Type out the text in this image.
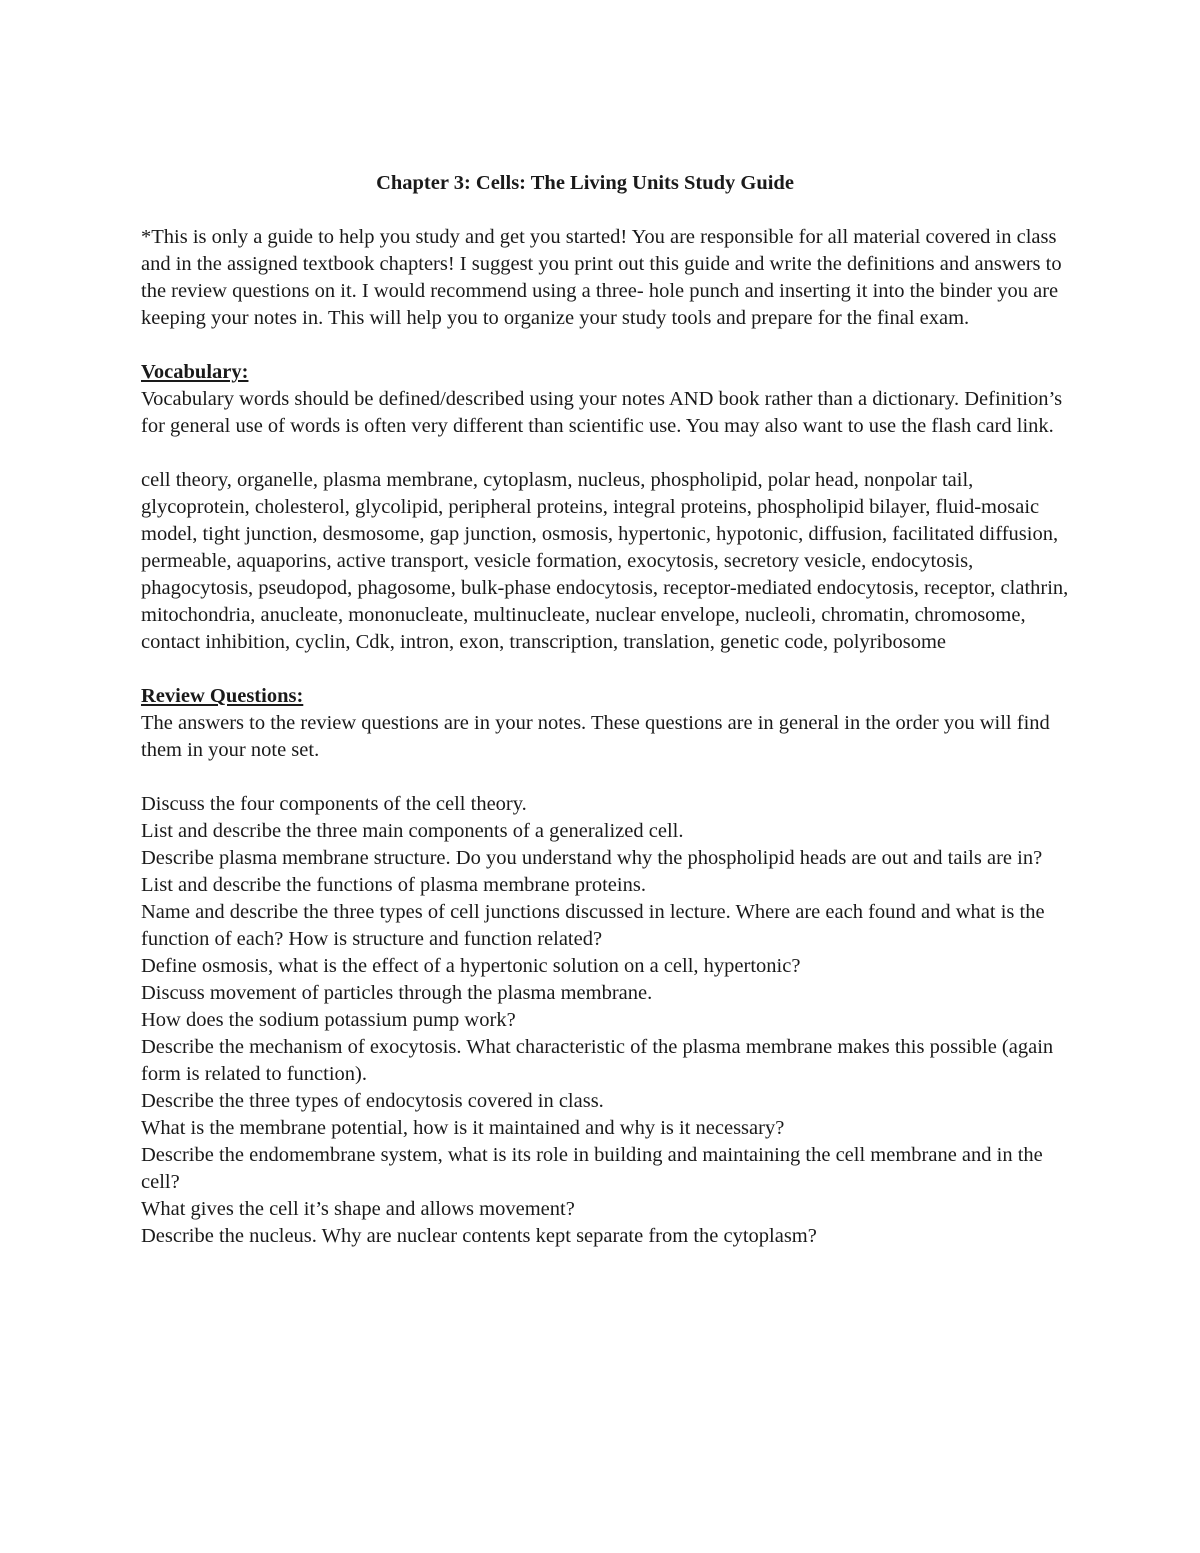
Chapter 3: Cells: The Living Units Study Guide

*This is only a guide to help you study and get you started! You are responsible for all material covered in class and in the assigned textbook chapters! I suggest you print out this guide and write the definitions and answers to the review questions on it. I would recommend using a three- hole punch and inserting it into the binder you are keeping your notes in. This will help you to organize your study tools and prepare for the final exam.

Vocabulary:

Vocabulary words should be defined/described using your notes AND book rather than a dictionary. Definition’s for general use of words is often very different than scientific use. You may also want to use the flash card link.

cell theory, organelle, plasma membrane, cytoplasm, nucleus, phospholipid, polar head, nonpolar tail, glycoprotein, cholesterol, glycolipid, peripheral proteins, integral proteins, phospholipid bilayer, fluid-mosaic model, tight junction, desmosome, gap junction, osmosis, hypertonic, hypotonic, diffusion, facilitated diffusion, permeable, aquaporins, active transport, vesicle formation, exocytosis, secretory vesicle, endocytosis, phagocytosis, pseudopod, phagosome, bulk-phase endocytosis, receptor-mediated endocytosis, receptor, clathrin, mitochondria, anucleate, mononucleate, multinucleate, nuclear envelope, nucleoli, chromatin, chromosome, contact inhibition, cyclin, Cdk, intron, exon, transcription, translation, genetic code, polyribosome

Review Questions:

The answers to the review questions are in your notes. These questions are in general in the order you will find them in your note set.

Discuss the four components of the cell theory.

List and describe the three main components of a generalized cell.

Describe plasma membrane structure. Do you understand why the phospholipid heads are out and tails are in?

List and describe the functions of plasma membrane proteins.

Name and describe the three types of cell junctions discussed in lecture. Where are each found and what is the function of each? How is structure and function related?

Define osmosis, what is the effect of a hypertonic solution on a cell, hypertonic?

Discuss movement of particles through the plasma membrane.

How does the sodium potassium pump work?

Describe the mechanism of exocytosis. What characteristic of the plasma membrane makes this possible (again form is related to function).

Describe the three types of endocytosis covered in class.

What is the membrane potential, how is it maintained and why is it necessary?

Describe the endomembrane system, what is its role in building and maintaining the cell membrane and in the cell?

What gives the cell it’s shape and allows movement?

Describe the nucleus. Why are nuclear contents kept separate from the cytoplasm?
